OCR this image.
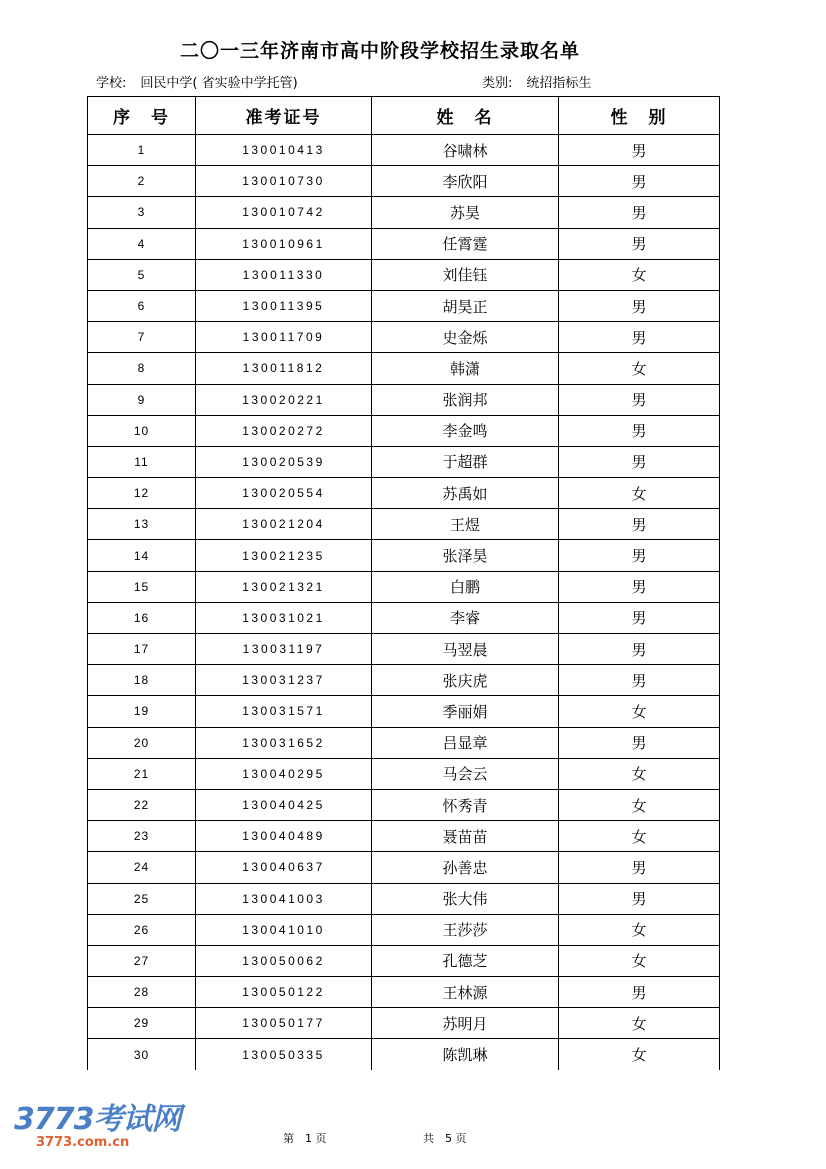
二〇一三年济南市高中阶段学校招生录取名单
学校: 回民中学( 省实验中学托管)	类别: 统招指标生
序　号	准考证号	姓　名	性　别
1	130010413	谷啸林	男
2	130010730	李欣阳	男
3	130010742	苏昊	男
4	130010961	任霄霆	男
5	130011330	刘佳钰	女
6	130011395	胡昊正	男
7	130011709	史金烁	男
8	130011812	韩潇	女
9	130020221	张润邦	男
10	130020272	李金鸣	男
11	130020539	于超群	男
12	130020554	苏禹如	女
13	130021204	王煜	男
14	130021235	张泽昊	男
15	130021321	白鹏	男
16	130031021	李睿	男
17	130031197	马翌晨	男
18	130031237	张庆虎	男
19	130031571	季丽娟	女
20	130031652	吕显章	男
21	130040295	马会云	女
22	130040425	怀秀青	女
23	130040489	聂苗苗	女
24	130040637	孙善忠	男
25	130041003	张大伟	男
26	130041010	王莎莎	女
27	130050062	孔德芝	女
28	130050122	王林源	男
29	130050177	苏明月	女
30	130050335	陈凯琳	女
3773考试网
3773.com.cn	第　1 页	共　5 页
